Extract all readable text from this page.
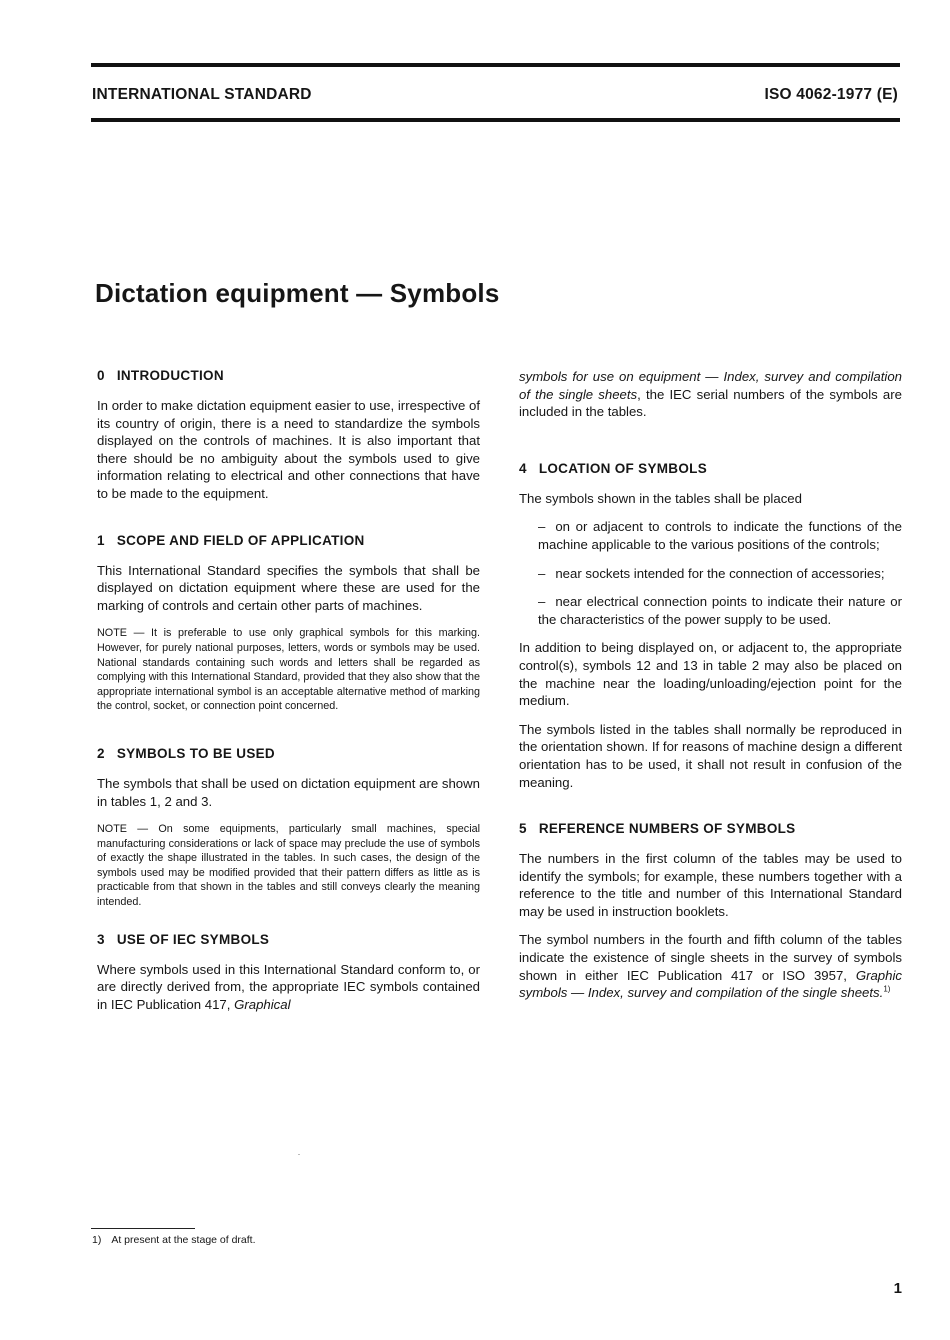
INTERNATIONAL STANDARD	ISO 4062-1977 (E)
Dictation equipment — Symbols
0 INTRODUCTION

In order to make dictation equipment easier to use, irrespective of its country of origin, there is a need to standardize the symbols displayed on the controls of machines. It is also important that there should be no ambiguity about the symbols used to give information relating to electrical and other connections that have to be made to the equipment.

1 SCOPE AND FIELD OF APPLICATION

This International Standard specifies the symbols that shall be displayed on dictation equipment where these are used for the marking of controls and certain other parts of machines.

NOTE — It is preferable to use only graphical symbols for this marking. However, for purely national purposes, letters, words or symbols may be used. National standards containing such words and letters shall be regarded as complying with this International Standard, provided that they also show that the appropriate international symbol is an acceptable alternative method of marking the control, socket, or connection point concerned.

2 SYMBOLS TO BE USED

The symbols that shall be used on dictation equipment are shown in tables 1, 2 and 3.

NOTE — On some equipments, particularly small machines, special manufacturing considerations or lack of space may preclude the use of symbols of exactly the shape illustrated in the tables. In such cases, the design of the symbols used may be modified provided that their pattern differs as little as is practicable from that shown in the tables and still conveys clearly the meaning intended.

3 USE OF IEC SYMBOLS

Where symbols used in this International Standard conform to, or are directly derived from, the appropriate IEC symbols contained in IEC Publication 417, Graphical

symbols for use on equipment — Index, survey and compilation of the single sheets, the IEC serial numbers of the symbols are included in the tables.

4 LOCATION OF SYMBOLS

The symbols shown in the tables shall be placed

– on or adjacent to controls to indicate the functions of the machine applicable to the various positions of the controls;

– near sockets intended for the connection of accessories;

– near electrical connection points to indicate their nature or the characteristics of the power supply to be used.

In addition to being displayed on, or adjacent to, the appropriate control(s), symbols 12 and 13 in table 2 may also be placed on the machine near the loading/unloading/ejection point for the medium.

The symbols listed in the tables shall normally be reproduced in the orientation shown. If for reasons of machine design a different orientation has to be used, it shall not result in confusion of the meaning.

5 REFERENCE NUMBERS OF SYMBOLS

The numbers in the first column of the tables may be used to identify the symbols; for example, these numbers together with a reference to the title and number of this International Standard may be used in instruction booklets.

The symbol numbers in the fourth and fifth column of the tables indicate the existence of single sheets in the survey of symbols shown in either IEC Publication 417 or ISO 3957, Graphic symbols — Index, survey and compilation of the single sheets.$^{1)}$

1) At present at the stage of draft.
1
